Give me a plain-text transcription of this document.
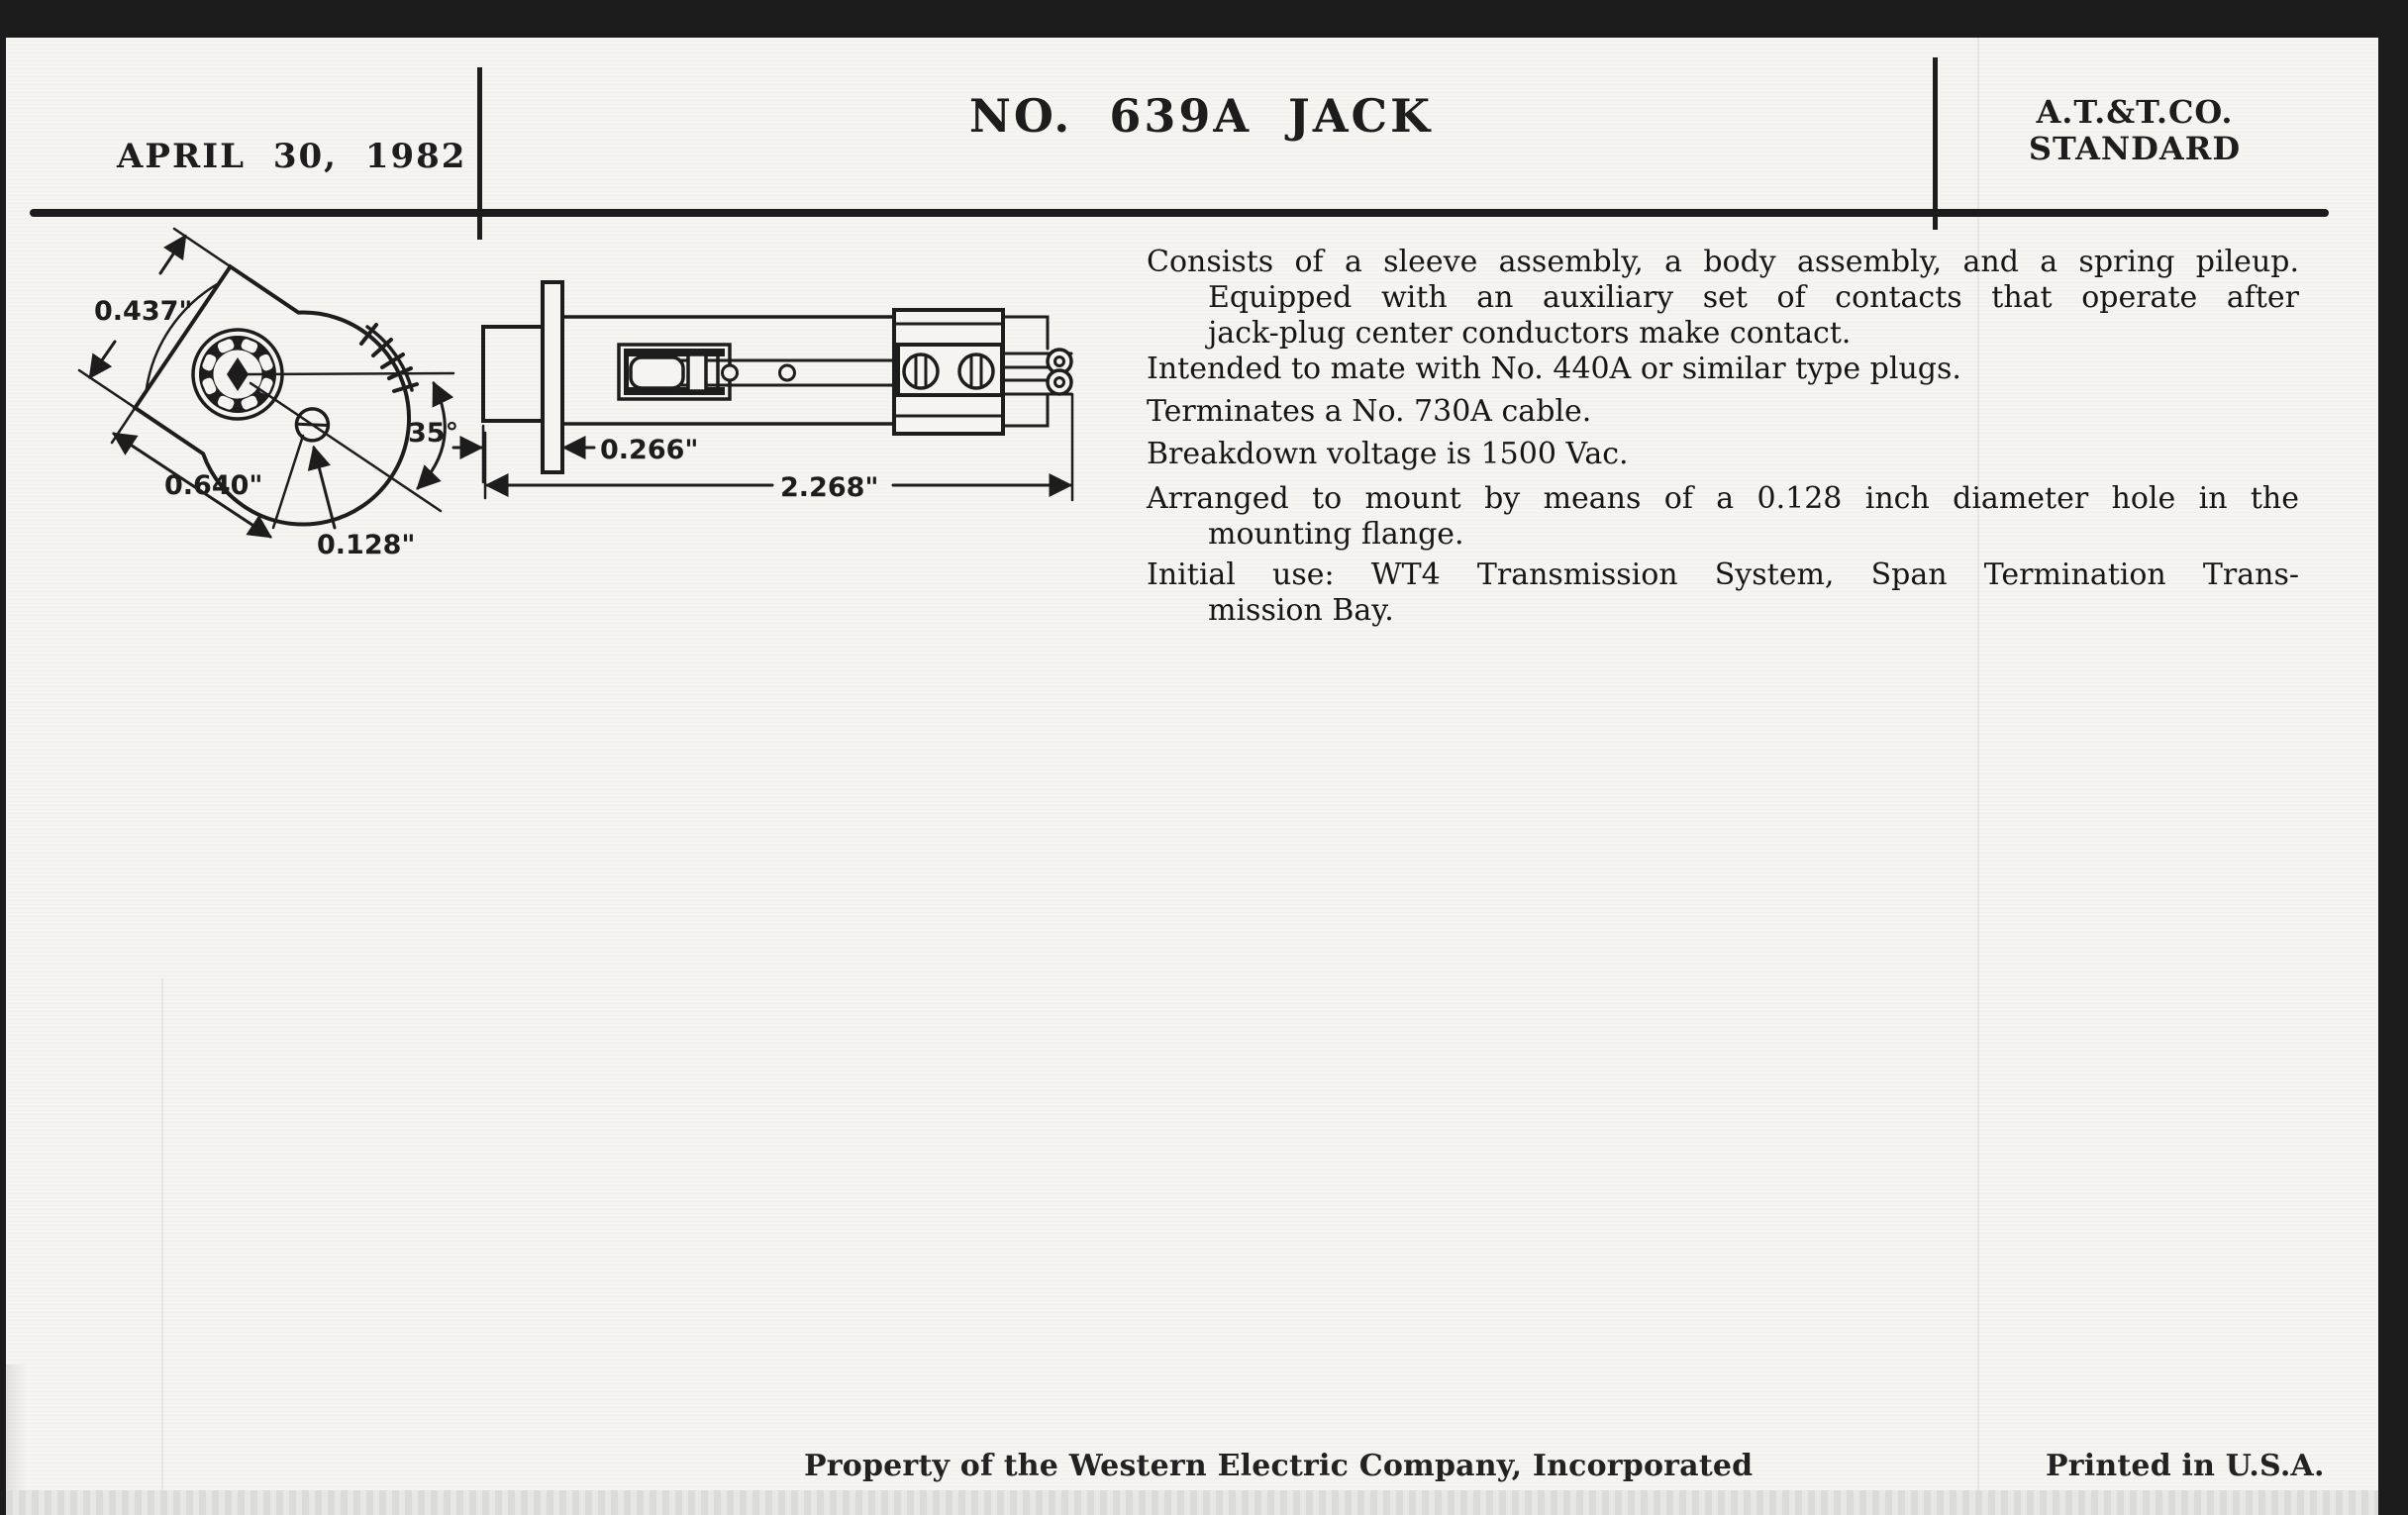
APRIL 30, 1982
NO. 639A JACK	A.T.&T.CO.
STANDARD
0.437"
0.640"
0.128"
35°
0.266"
2.268"
Consists of a sleeve assembly, a body assembly, and a spring pileup.
Equipped with an auxiliary set of contacts that operate after
jack-plug center conductors make contact.
Intended to mate with No. 440A or similar type plugs.
Terminates a No. 730A cable.
Breakdown voltage is 1500 Vac.
Arranged to mount by means of a 0.128 inch diameter hole in the
mounting flange.
Initial use: WT4 Transmission System, Span Termination Trans-
mission Bay.
Property of the Western Electric Company, Incorporated	Printed in U.S.A.
